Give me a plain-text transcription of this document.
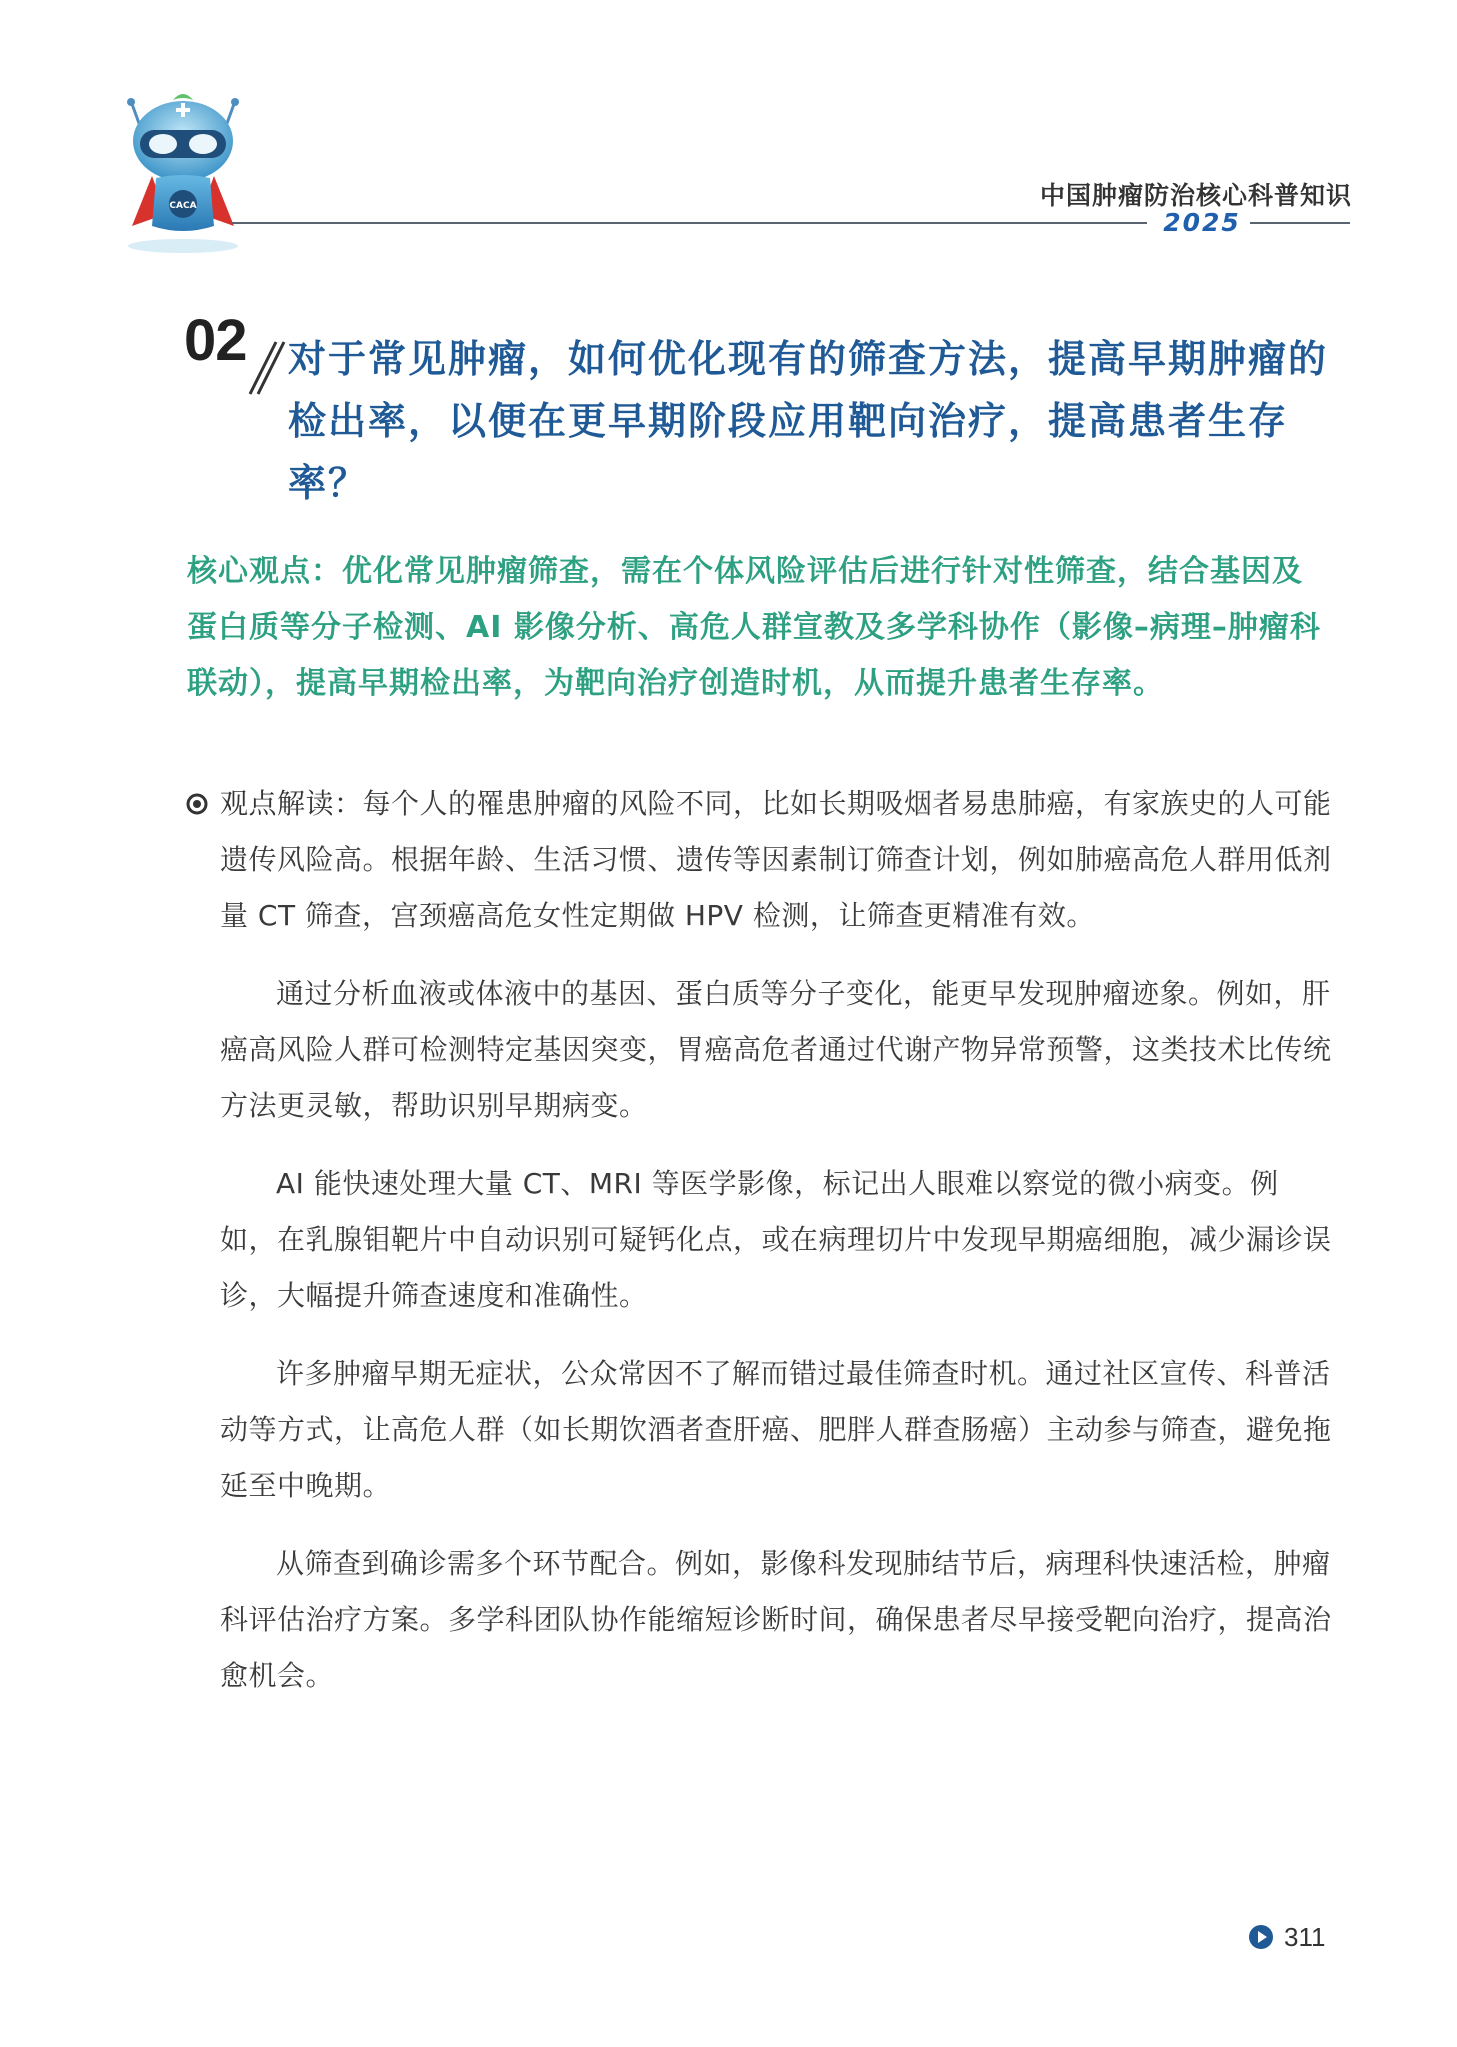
CACA	中国肿瘤防治核心科普知识
2025
02 对于常见肿瘤，如何优化现有的筛查方法，提高早期肿瘤的检出率，以便在更早期阶段应用靶向治疗，提高患者生存率？
核心观点：优化常见肿瘤筛查，需在个体风险评估后进行针对性筛查，结合基因及蛋白质等分子检测、AI 影像分析、高危人群宣教及多学科协作（影像–病理–肿瘤科联动），提高早期检出率，为靶向治疗创造时机，从而提升患者生存率。

观点解读：每个人的罹患肿瘤的风险不同，比如长期吸烟者易患肺癌，有家族史的人可能遗传风险高。根据年龄、生活习惯、遗传等因素制订筛查计划，例如肺癌高危人群用低剂量 CT 筛查，宫颈癌高危女性定期做 HPV 检测，让筛查更精准有效。

通过分析血液或体液中的基因、蛋白质等分子变化，能更早发现肿瘤迹象。例如，肝癌高风险人群可检测特定基因突变，胃癌高危者通过代谢产物异常预警，这类技术比传统方法更灵敏，帮助识别早期病变。

AI 能快速处理大量 CT、MRI 等医学影像，标记出人眼难以察觉的微小病变。例如，在乳腺钼靶片中自动识别可疑钙化点，或在病理切片中发现早期癌细胞，减少漏诊误诊，大幅提升筛查速度和准确性。

许多肿瘤早期无症状，公众常因不了解而错过最佳筛查时机。通过社区宣传、科普活动等方式，让高危人群（如长期饮酒者查肝癌、肥胖人群查肠癌）主动参与筛查，避免拖延至中晚期。

从筛查到确诊需多个环节配合。例如，影像科发现肺结节后，病理科快速活检，肿瘤科评估治疗方案。多学科团队协作能缩短诊断时间，确保患者尽早接受靶向治疗，提高治愈机会。

311
